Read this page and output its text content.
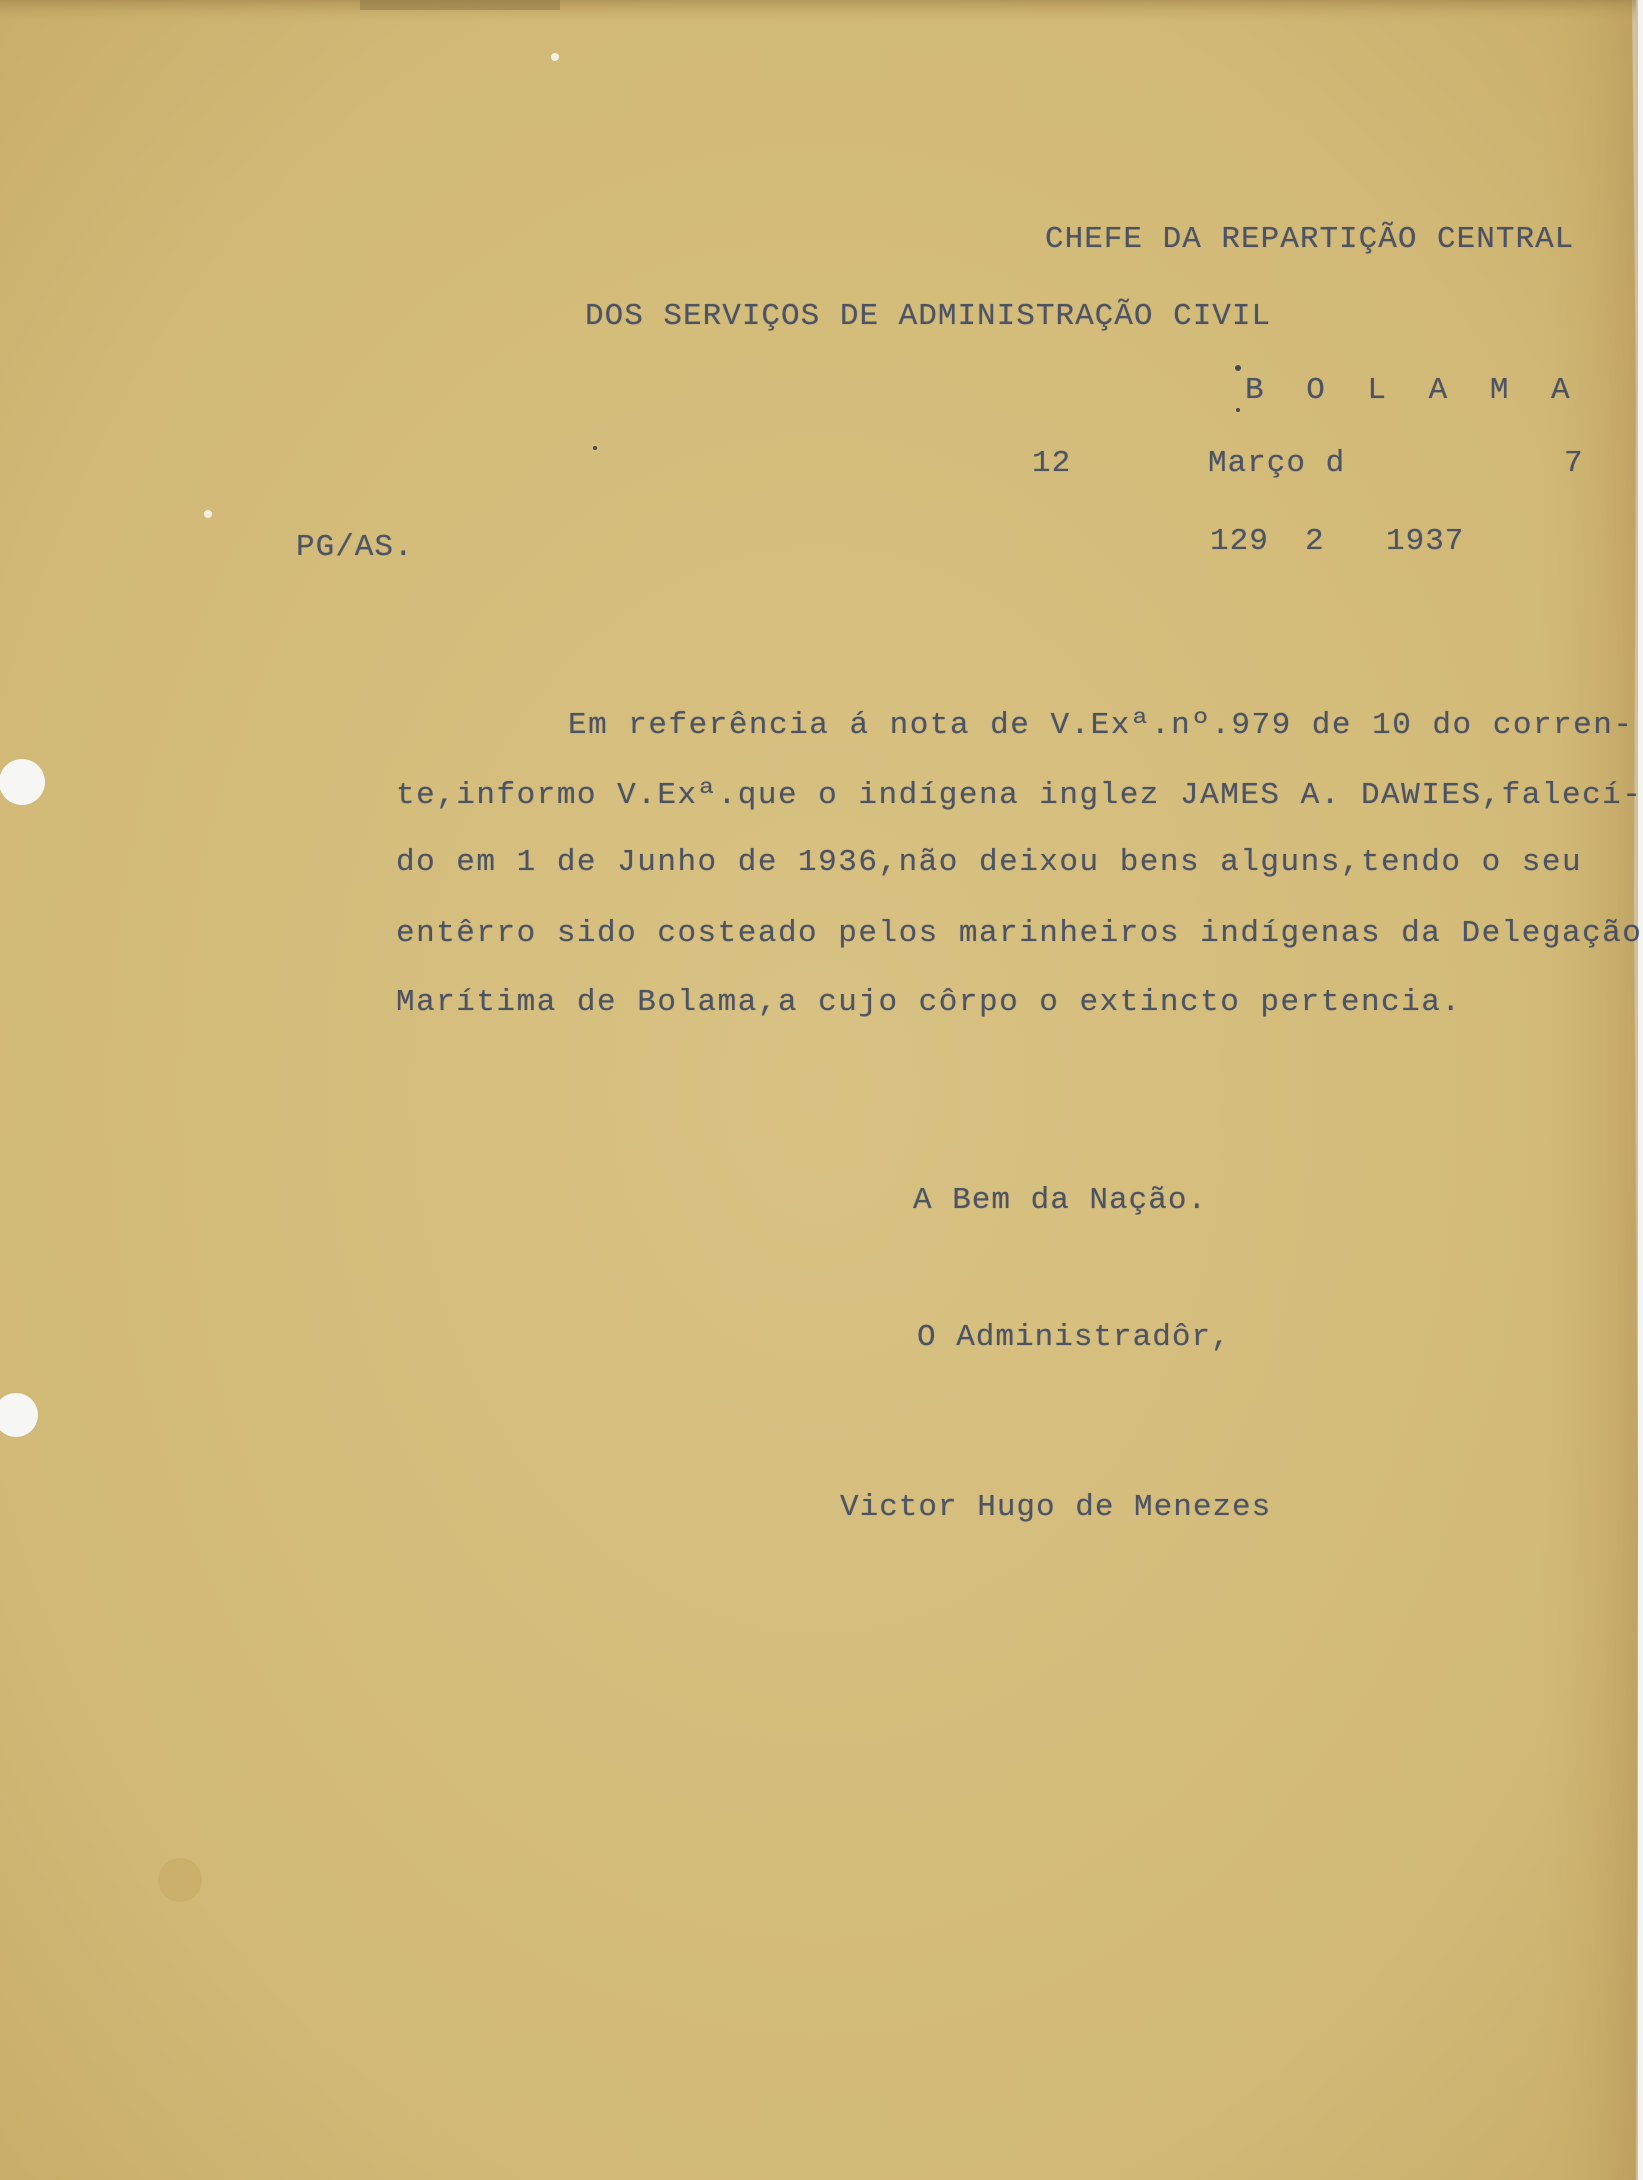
CHEFE DA REPARTIÇÃO CENTRAL
DOS SERVIÇOS DE ADMINISTRAÇÃO CIVIL
B O L A M A
12	Março d	7
PG/AS.	129 2 1937
Em referência á nota de V.Exª.nº.979 de 10 do corren-
te,informo V.Exª.que o indígena inglez JAMES A. DAWIES,falecí-
do em 1 de Junho de 1936,não deixou bens alguns,tendo o seu
entêrro sido costeado pelos marinheiros indígenas da Delegação
Marítima de Bolama,a cujo côrpo o extincto pertencia.
A Bem da Nação.
O Administradôr,
Victor Hugo de Menezes
